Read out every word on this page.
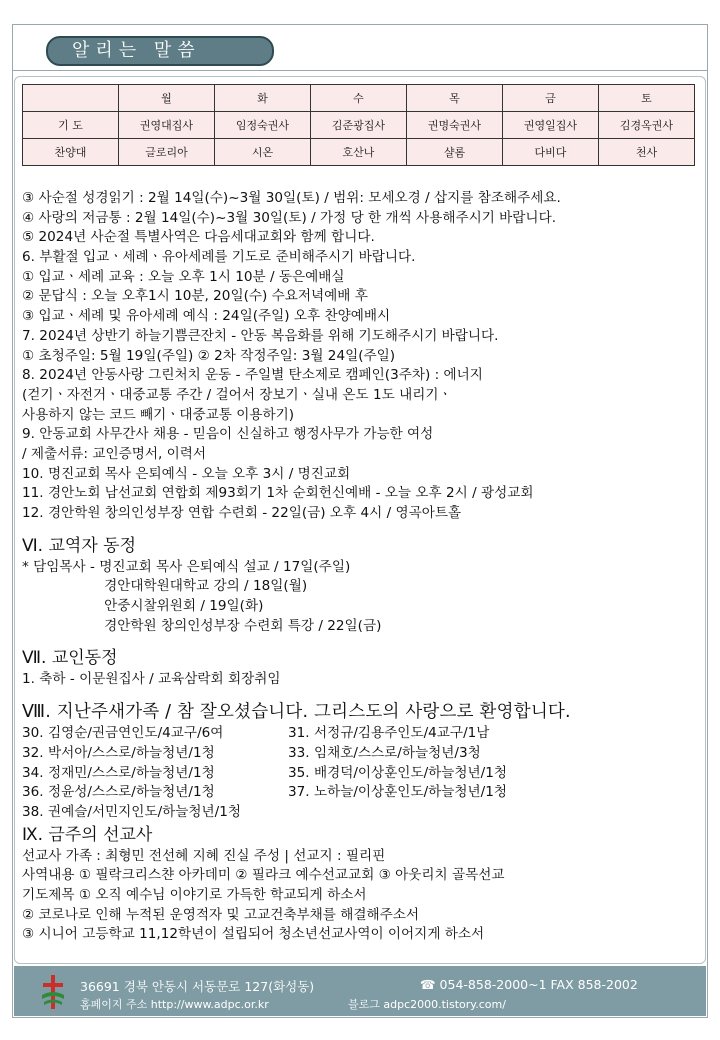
알리는 말씀
	월	화	수	목	금	토
기 도	권영대집사	임정숙권사	김준광집사	권명숙권사	권영일집사	김경옥권사
찬양대	글로리아	시온	호산나	샬롬	다비다	천사
③ 사순절 성경읽기 : 2월 14일(수)~3월 30일(토) / 범위: 모세오경 / 삽지를 참조해주세요.
④ 사랑의 저금통 : 2월 14일(수)~3월 30일(토) / 가정 당 한 개씩 사용해주시기 바랍니다.
⑤ 2024년 사순절 특별사역은 다음세대교회와 함께 합니다.
6. 부활절 입교ㆍ세례ㆍ유아세례를 기도로 준비해주시기 바랍니다.
① 입교ㆍ세례 교육 : 오늘 오후 1시 10분 / 동은예배실
② 문답식 : 오늘 오후1시 10분, 20일(수) 수요저녁예배 후
③ 입교ㆍ세례 및 유아세례 예식 : 24일(주일) 오후 찬양예배시
7. 2024년 상반기 하늘기쁨큰잔치 - 안동 복음화를 위해 기도해주시기 바랍니다.
① 초청주일: 5월 19일(주일) ② 2차 작정주일: 3월 24일(주일)
8. 2024년 안동사랑 그린처치 운동 - 주일별 탄소제로 캠페인(3주차) : 에너지
(걷기ㆍ자전거ㆍ대중교통 주간 / 걸어서 장보기ㆍ실내 온도 1도 내리기ㆍ
사용하지 않는 코드 빼기ㆍ대중교통 이용하기)
9. 안동교회 사무간사 채용 - 믿음이 신실하고 행정사무가 가능한 여성
/ 제출서류: 교인증명서, 이력서
10. 명진교회 목사 은퇴예식 - 오늘 오후 3시 / 명진교회
11. 경안노회 남선교회 연합회 제93회기 1차 순회헌신예배 - 오늘 오후 2시 / 광성교회
12. 경안학원 창의인성부장 연합 수련회 - 22일(금) 오후 4시 / 영곡아트홀
Ⅵ. 교역자 동정
* 담임목사 - 명진교회 목사 은퇴예식 설교 / 17일(주일)
경안대학원대학교 강의 / 18일(월)
안중시찰위원회 / 19일(화)
경안학원 창의인성부장 수련회 특강 / 22일(금)
Ⅶ. 교인동정
1. 축하 - 이문원집사 / 교육삼락회 회장취임
Ⅷ. 지난주새가족 / 참 잘오셨습니다. 그리스도의 사랑으로 환영합니다.
30. 김영순/권금연인도/4교구/6여	31. 서정규/김용주인도/4교구/1남
32. 박서아/스스로/하늘청년/1청	33. 임채호/스스로/하늘청년/3청
34. 정재민/스스로/하늘청년/1청	35. 배경덕/이상훈인도/하늘청년/1청
36. 정윤성/스스로/하늘청년/1청	37. 노하늘/이상훈인도/하늘청년/1청
38. 권예슬/서민지인도/하늘청년/1청
Ⅸ. 금주의 선교사
선교사 가족 : 최형민 전선혜 지혜 진실 주성 | 선교지 : 필리핀
사역내용 ① 필락크리스챤 아카데미 ② 필라크 예수선교교회 ③ 아웃리치 골목선교
기도제목 ① 오직 예수님 이야기로 가득한 학교되게 하소서
② 코로나로 인해 누적된 운영적자 및 고교건축부채를 해결해주소서
③ 시니어 고등학교 11,12학년이 설립되어 청소년선교사역이 이어지게 하소서
36691 경북 안동시 서동문로 127(화성동)	☎ 054-858-2000~1 FAX 858-2002
홈페이지 주소 http://www.adpc.or.kr	블로그 adpc2000.tistory.com/
